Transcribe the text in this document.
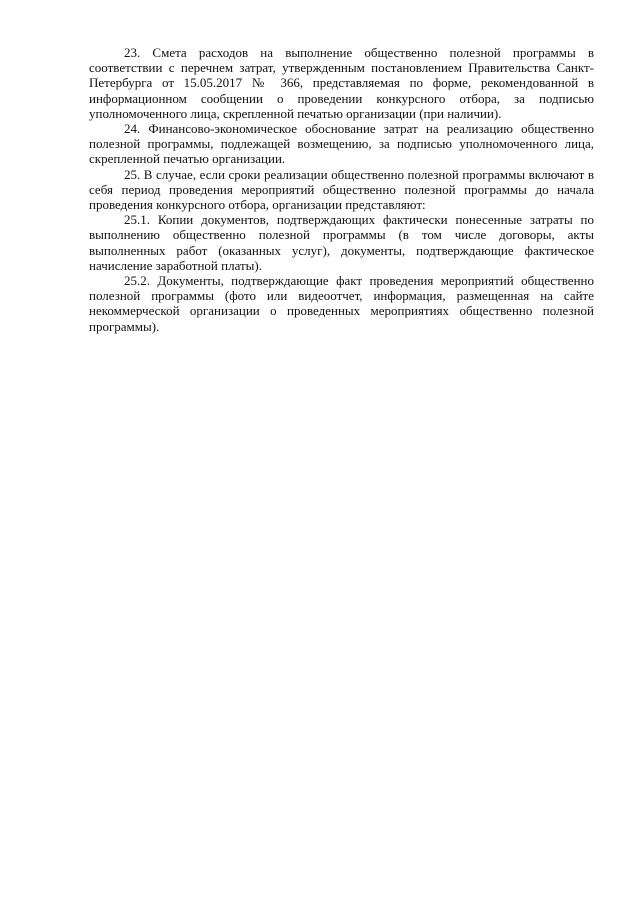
23. Смета расходов на выполнение общественно полезной программы в соответствии с перечнем затрат, утвержденным постановлением Правительства Санкт-Петербурга от 15.05.2017 № 366, представляемая по форме, рекомендованной в информационном сообщении о проведении конкурсного отбора, за подписью уполномоченного лица, скрепленной печатью организации (при наличии).

24. Финансово-экономическое обоснование затрат на реализацию общественно полезной программы, подлежащей возмещению, за подписью уполномоченного лица, скрепленной печатью организации.

25. В случае, если сроки реализации общественно полезной программы включают в себя период проведения мероприятий общественно полезной программы до начала проведения конкурсного отбора, организации представляют:

25.1. Копии документов, подтверждающих фактически понесенные затраты по выполнению общественно полезной программы (в том числе договоры, акты выполненных работ (оказанных услуг), документы, подтверждающие фактическое начисление заработной платы).

25.2. Документы, подтверждающие факт проведения мероприятий общественно полезной программы (фото или видеоотчет, информация, размещенная на сайте некоммерческой организации о проведенных мероприятиях общественно полезной программы).
